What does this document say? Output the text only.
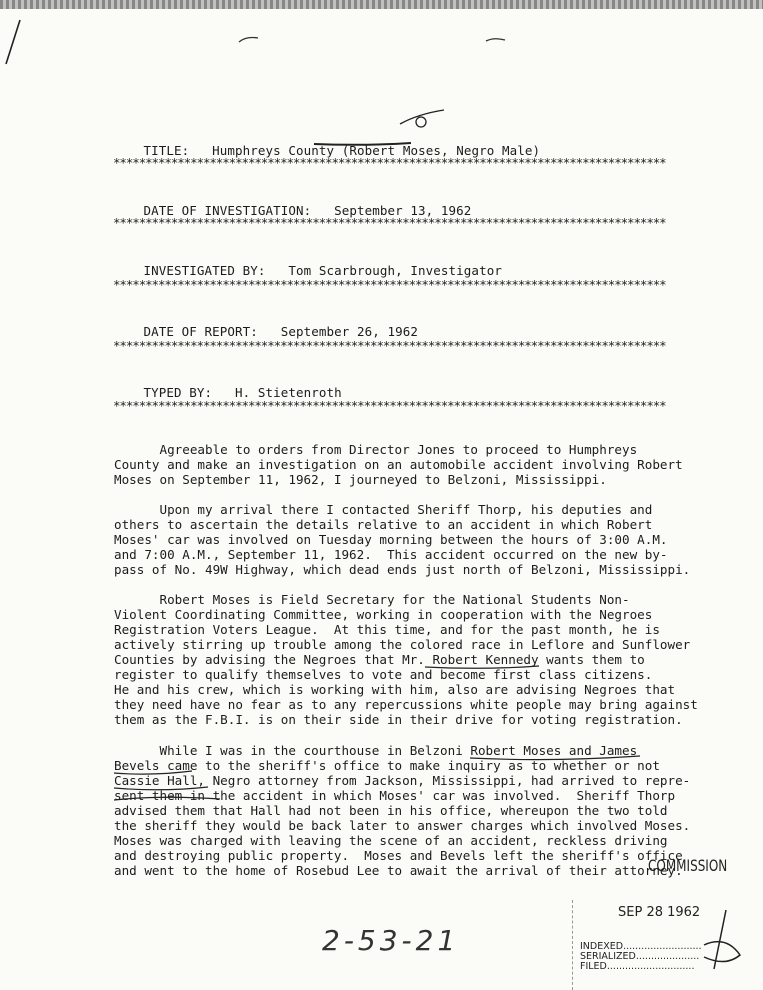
TITLE: Humphreys County (Robert Moses, Negro Male)

**************************************************************************************

DATE OF INVESTIGATION: September 13, 1962

**************************************************************************************

INVESTIGATED BY: Tom Scarbrough, Investigator

**************************************************************************************

DATE OF REPORT: September 26, 1962

**************************************************************************************

TYPED BY: H. Stietenroth

**************************************************************************************

Agreeable to orders from Director Jones to proceed to Humphreys

County and make an investigation on an automobile accident involving Robert

Moses on September 11, 1962, I journeyed to Belzoni, Mississippi.

Upon my arrival there I contacted Sheriff Thorp, his deputies and

others to ascertain the details relative to an accident in which Robert

Moses' car was involved on Tuesday morning between the hours of 3:00 A.M.

and 7:00 A.M., September 11, 1962.  This accident occurred on the new by-

pass of No. 49W Highway, which dead ends just north of Belzoni, Mississippi.

Robert Moses is Field Secretary for the National Students Non-

Violent Coordinating Committee, working in cooperation with the Negroes

Registration Voters League.  At this time, and for the past month, he is

actively stirring up trouble among the colored race in Leflore and Sunflower

Counties by advising the Negroes that Mr. Robert Kennedy wants them to

register to qualify themselves to vote and become first class citizens.

He and his crew, which is working with him, also are advising Negroes that

they need have no fear as to any repercussions white people may bring against

them as the F.B.I. is on their side in their drive for voting registration.

While I was in the courthouse in Belzoni Robert Moses and James

Bevels came to the sheriff's office to make inquiry as to whether or not

Cassie Hall, Negro attorney from Jackson, Mississippi, had arrived to repre-

sent them in the accident in which Moses' car was involved.  Sheriff Thorp

advised them that Hall had not been in his office, whereupon the two told

the sheriff they would be back later to answer charges which involved Moses.

Moses was charged with leaving the scene of an accident, reckless driving

and destroying public property.  Moses and Bevels left the sheriff's office

and went to the home of Rosebud Lee to await the arrival of their attorney.

COMMISSION
SEP 28 1962
INDEXED..........................
SERIALIZED.....................
FILED.............................
2-53-21
